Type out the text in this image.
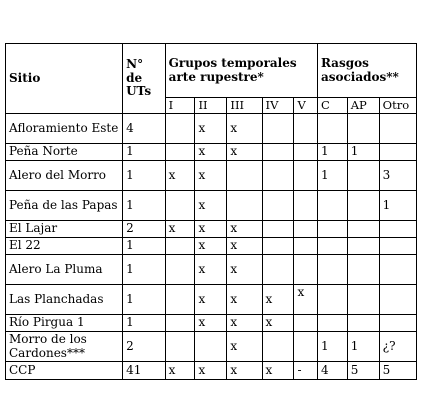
Sitio	N° de UTs	Grupos temporales arte rupestre*					Rasgos asociados**		
		I	II	III	IV	V	C	AP	Otro
Afloramiento Este	4		x	x					
Peña Norte	1		x	x			1	1	
Alero del Morro	1	x	x				1		3
Peña de las Papas	1		x						1
El Lajar	2	x	x	x					
El 22	1		x	x					
Alero La Pluma	1		x	x					
Las Planchadas	1		x	x	x	x			
Río Pirgua 1	1		x	x	x				
Morro de los Cardones***	2			x			1	1	¿?
CCP	41	x	x	x	x	-	4	5	5
